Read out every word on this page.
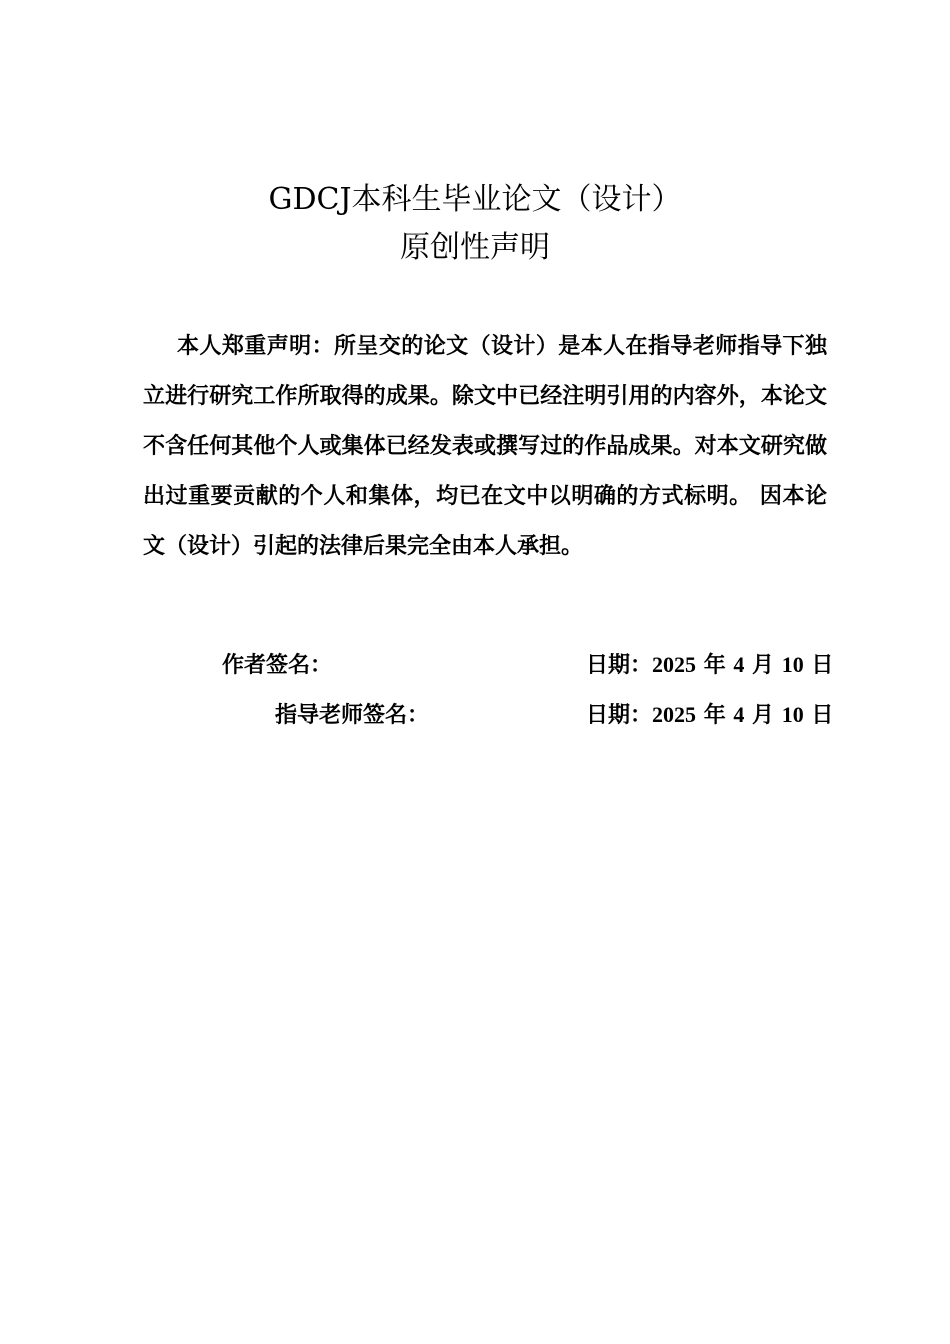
GDCJ本科生毕业论文（设计）
原创性声明
本人郑重声明：所呈交的论文（设计）是本人在指导老师指导下独立进行研究工作所取得的成果。除文中已经注明引用的内容外，本论文不含任何其他个人或集体已经发表或撰写过的作品成果。对本文研究做出过重要贡献的个人和集体，均已在文中以明确的方式标明。 因本论文（设计）引起的法律后果完全由本人承担。
作者签名：	日期：2025 年 4 月 10 日
指导老师签名：	日期：2025 年 4 月 10 日
